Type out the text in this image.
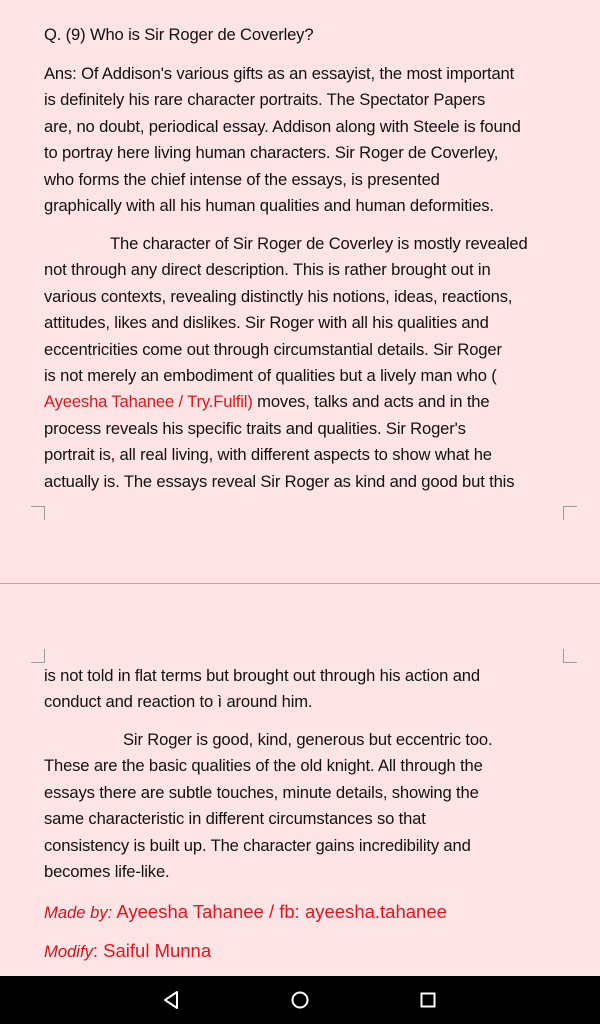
Q. (9) Who is Sir Roger de Coverley?
Ans: Of Addison's various gifts as an essayist, the most important
is definitely his rare character portraits. The Spectator Papers
are, no doubt, periodical essay. Addison along with Steele is found
to portray here living human characters. Sir Roger de Coverley,
who forms the chief intense of the essays, is presented
graphically with all his human qualities and human deformities.
The character of Sir Roger de Coverley is mostly revealed
not through any direct description. This is rather brought out in
various contexts, revealing distinctly his notions, ideas, reactions,
attitudes, likes and dislikes. Sir Roger with all his qualities and
eccentricities come out through circumstantial details. Sir Roger
is not merely an embodiment of qualities but a lively man who (
Ayeesha Tahanee / Try.Fulfil) moves, talks and acts and in the
process reveals his specific traits and qualities. Sir Roger's
portrait is, all real living, with different aspects to show what he
actually is. The essays reveal Sir Roger as kind and good but this
is not told in flat terms but brought out through his action and
conduct and reaction to ì around him.
Sir Roger is good, kind, generous but eccentric too.
These are the basic qualities of the old knight. All through the
essays there are subtle touches, minute details, showing the
same characteristic in different circumstances so that
consistency is built up. The character gains incredibility and
becomes life-like.
Made by: Ayeesha Tahanee / fb: ayeesha.tahanee
Modify: Saiful Munna
